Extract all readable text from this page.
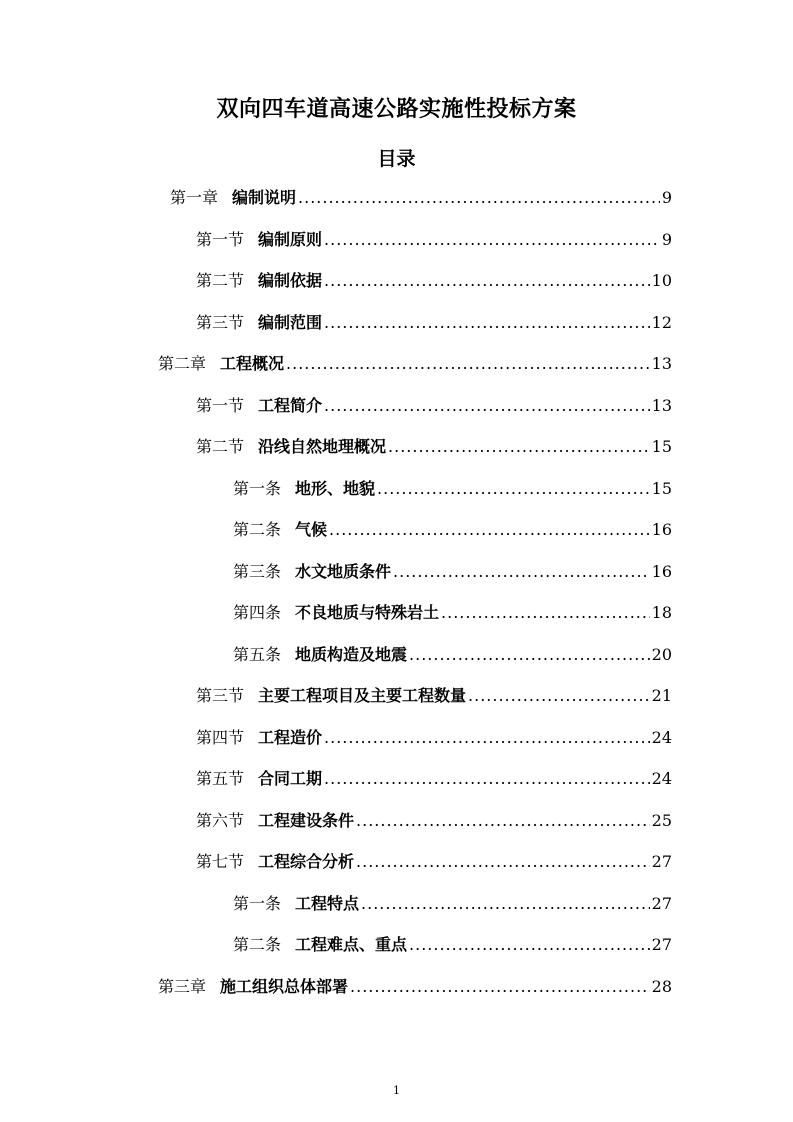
双向四车道高速公路实施性投标方案
目录
第一章 编制说明 .....	9
第一节 编制原则 .....	9
第二节 编制依据 .....	10
第三节 编制范围 .....	12
第二章 工程概况 .....	13
第一节 工程简介 .....	13
第二节 沿线自然地理概况 .....	15
第一条 地形、地貌 .....	15
第二条 气候 .....	16
第三条 水文地质条件 .....	16
第四条 不良地质与特殊岩土 .....	18
第五条 地质构造及地震 .....	20
第三节 主要工程项目及主要工程数量 .....	21
第四节 工程造价 .....	24
第五节 合同工期 .....	24
第六节 工程建设条件 .....	25
第七节 工程综合分析 .....	27
第一条 工程特点 .....	27
第二条 工程难点、重点 .....	27
第三章 施工组织总体部署 .....	28
1
